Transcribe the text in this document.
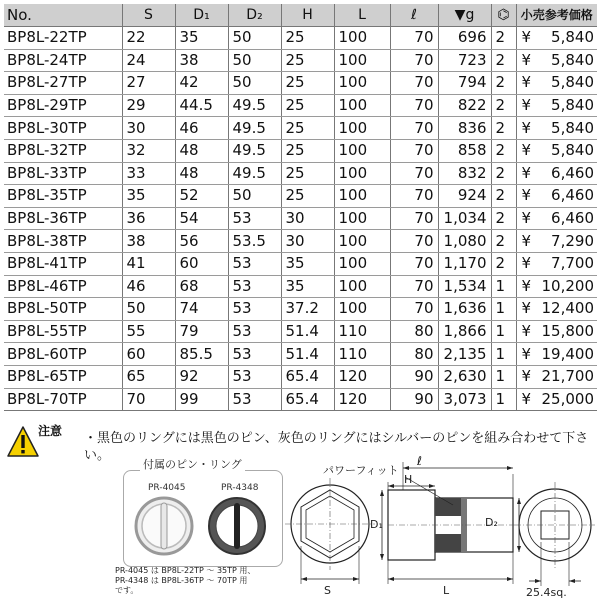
No.	S	D₁	D₂	H	L	ℓ	▼g	⌬	小売参考価格
BP8L-22TP	22	35	50	25	100	70	696	2	¥ 5,840
BP8L-24TP	24	38	50	25	100	70	723	2	¥ 5,840
BP8L-27TP	27	42	50	25	100	70	794	2	¥ 5,840
BP8L-29TP	29	44.5	49.5	25	100	70	822	2	¥ 5,840
BP8L-30TP	30	46	49.5	25	100	70	836	2	¥ 5,840
BP8L-32TP	32	48	49.5	25	100	70	858	2	¥ 5,840
BP8L-33TP	33	48	49.5	25	100	70	832	2	¥ 6,460
BP8L-35TP	35	52	50	25	100	70	924	2	¥ 6,460
BP8L-36TP	36	54	53	30	100	70	1,034	2	¥ 6,460
BP8L-38TP	38	56	53.5	30	100	70	1,080	2	¥ 7,290
BP8L-41TP	41	60	53	35	100	70	1,170	2	¥ 7,700
BP8L-46TP	46	68	53	35	100	70	1,534	1	¥ 10,200
BP8L-50TP	50	74	53	37.2	100	70	1,636	1	¥ 12,400
BP8L-55TP	55	79	53	51.4	110	80	1,866	1	¥ 15,800
BP8L-60TP	60	85.5	53	51.4	110	80	2,135	1	¥ 19,400
BP8L-65TP	65	92	53	65.4	120	90	2,630	1	¥ 21,700
BP8L-70TP	70	99	53	65.4	120	90	3,073	1	¥ 25,000
注意 ・黒色のリングには黒色のピン、灰色のリングにはシルバーのピンを組み合わせて下さい。
PR-4045	PR-4348
付属のピン・リング
PR-4045 は BP8L-22TP ～ 35TP 用、
PR-4348 は BP8L-36TP ～ 70TP 用
です。	S
H
ℓ
パワーフィット
D₁	D₂
L	25.4sq.
